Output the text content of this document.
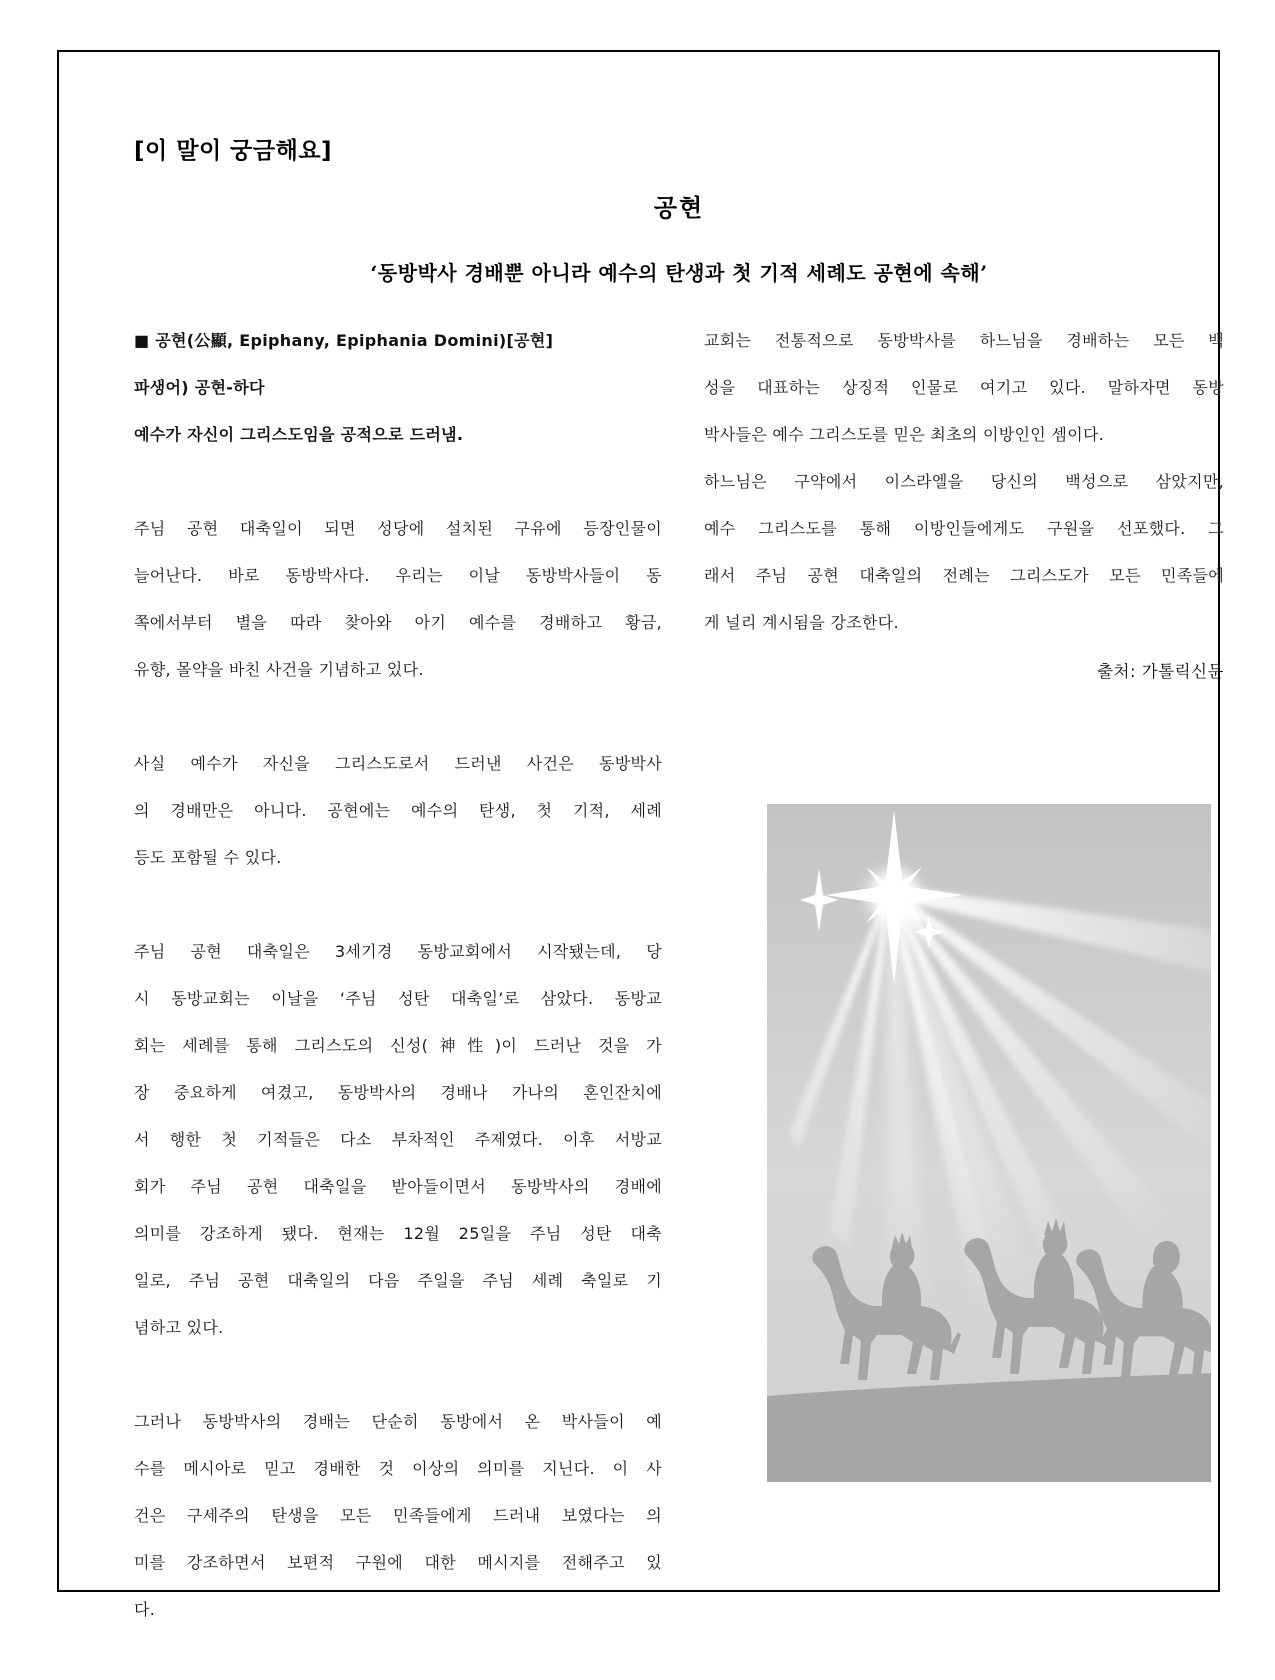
[이 말이 궁금해요]
공현
‘동방박사 경배뿐 아니라 예수의 탄생과 첫 기적 세례도 공현에 속해’
■ 공현(公顯, Epiphany, Epiphania Domini)[공현]
파생어) 공현-하다
예수가 자신이 그리스도임을 공적으로 드러냄.
주님 공현 대축일이 되면 성당에 설치된 구유에 등장인물이
늘어난다. 바로 동방박사다. 우리는 이날 동방박사들이 동
쪽에서부터 별을 따라 찾아와 아기 예수를 경배하고 황금,
유향, 몰약을 바친 사건을 기념하고 있다.
사실 예수가 자신을 그리스도로서 드러낸 사건은 동방박사
의 경배만은 아니다. 공현에는 예수의 탄생, 첫 기적, 세례
등도 포함될 수 있다.
주님 공현 대축일은 3세기경 동방교회에서 시작됐는데, 당
시 동방교회는 이날을 ‘주님 성탄 대축일’로 삼았다. 동방교
회는 세례를 통해 그리스도의 신성(神性)이 드러난 것을 가
장 중요하게 여겼고, 동방박사의 경배나 가나의 혼인잔치에
서 행한 첫 기적들은 다소 부차적인 주제였다. 이후 서방교
회가 주님 공현 대축일을 받아들이면서 동방박사의 경배에
의미를 강조하게 됐다. 현재는 12월 25일을 주님 성탄 대축
일로, 주님 공현 대축일의 다음 주일을 주님 세례 축일로 기
념하고 있다.
그러나 동방박사의 경배는 단순히 동방에서 온 박사들이 예
수를 메시아로 믿고 경배한 것 이상의 의미를 지닌다. 이 사
건은 구세주의 탄생을 모든 민족들에게 드러내 보였다는 의
미를 강조하면서 보편적 구원에 대한 메시지를 전해주고 있
다.
교회는 전통적으로 동방박사를 하느님을 경배하는 모든 백
성을 대표하는 상징적 인물로 여기고 있다. 말하자면 동방
박사들은 예수 그리스도를 믿은 최초의 이방인인 셈이다.
하느님은 구약에서 이스라엘을 당신의 백성으로 삼았지만,
예수 그리스도를 통해 이방인들에게도 구원을 선포했다. 그
래서 주님 공현 대축일의 전례는 그리스도가 모든 민족들에
게 널리 계시됨을 강조한다.
출처: 가톨릭신문
